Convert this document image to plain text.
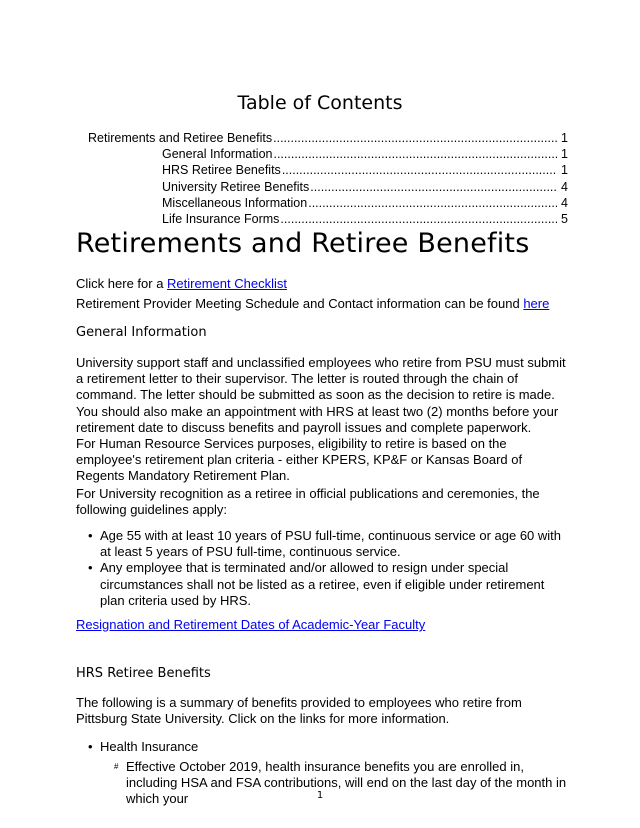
Table of Contents
Retirements and Retiree Benefits .....	1
General Information .....	1
HRS Retiree Benefits .....	1
University Retiree Benefits .....	4
Miscellaneous Information .....	4
Life Insurance Forms .....	5
Retirements and Retiree Benefits
Click here for a Retirement Checklist
Retirement Provider Meeting Schedule and Contact information can be found here
General Information
University support staff and unclassified employees who retire from PSU must submit a retirement letter to their supervisor. The letter is routed through the chain of command. The letter should be submitted as soon as the decision to retire is made. You should also make an appointment with HRS at least two (2) months before your retirement date to discuss benefits and payroll issues and complete paperwork.
For Human Resource Services purposes, eligibility to retire is based on the employee's retirement plan criteria - either KPERS, KP&F or Kansas Board of Regents Mandatory Retirement Plan.
For University recognition as a retiree in official publications and ceremonies, the following guidelines apply:
• Age 55 with at least 10 years of PSU full-time, continuous service or age 60 with at least 5 years of PSU full-time, continuous service.
• Any employee that is terminated and/or allowed to resign under special circumstances shall not be listed as a retiree, even if eligible under retirement plan criteria used by HRS.
Resignation and Retirement Dates of Academic-Year Faculty
HRS Retiree Benefits
The following is a summary of benefits provided to employees who retire from Pittsburg State University. Click on the links for more information.
• Health Insurance
# Effective October 2019, health insurance benefits you are enrolled in, including HSA and FSA contributions, will end on the last day of the month in which your	1
